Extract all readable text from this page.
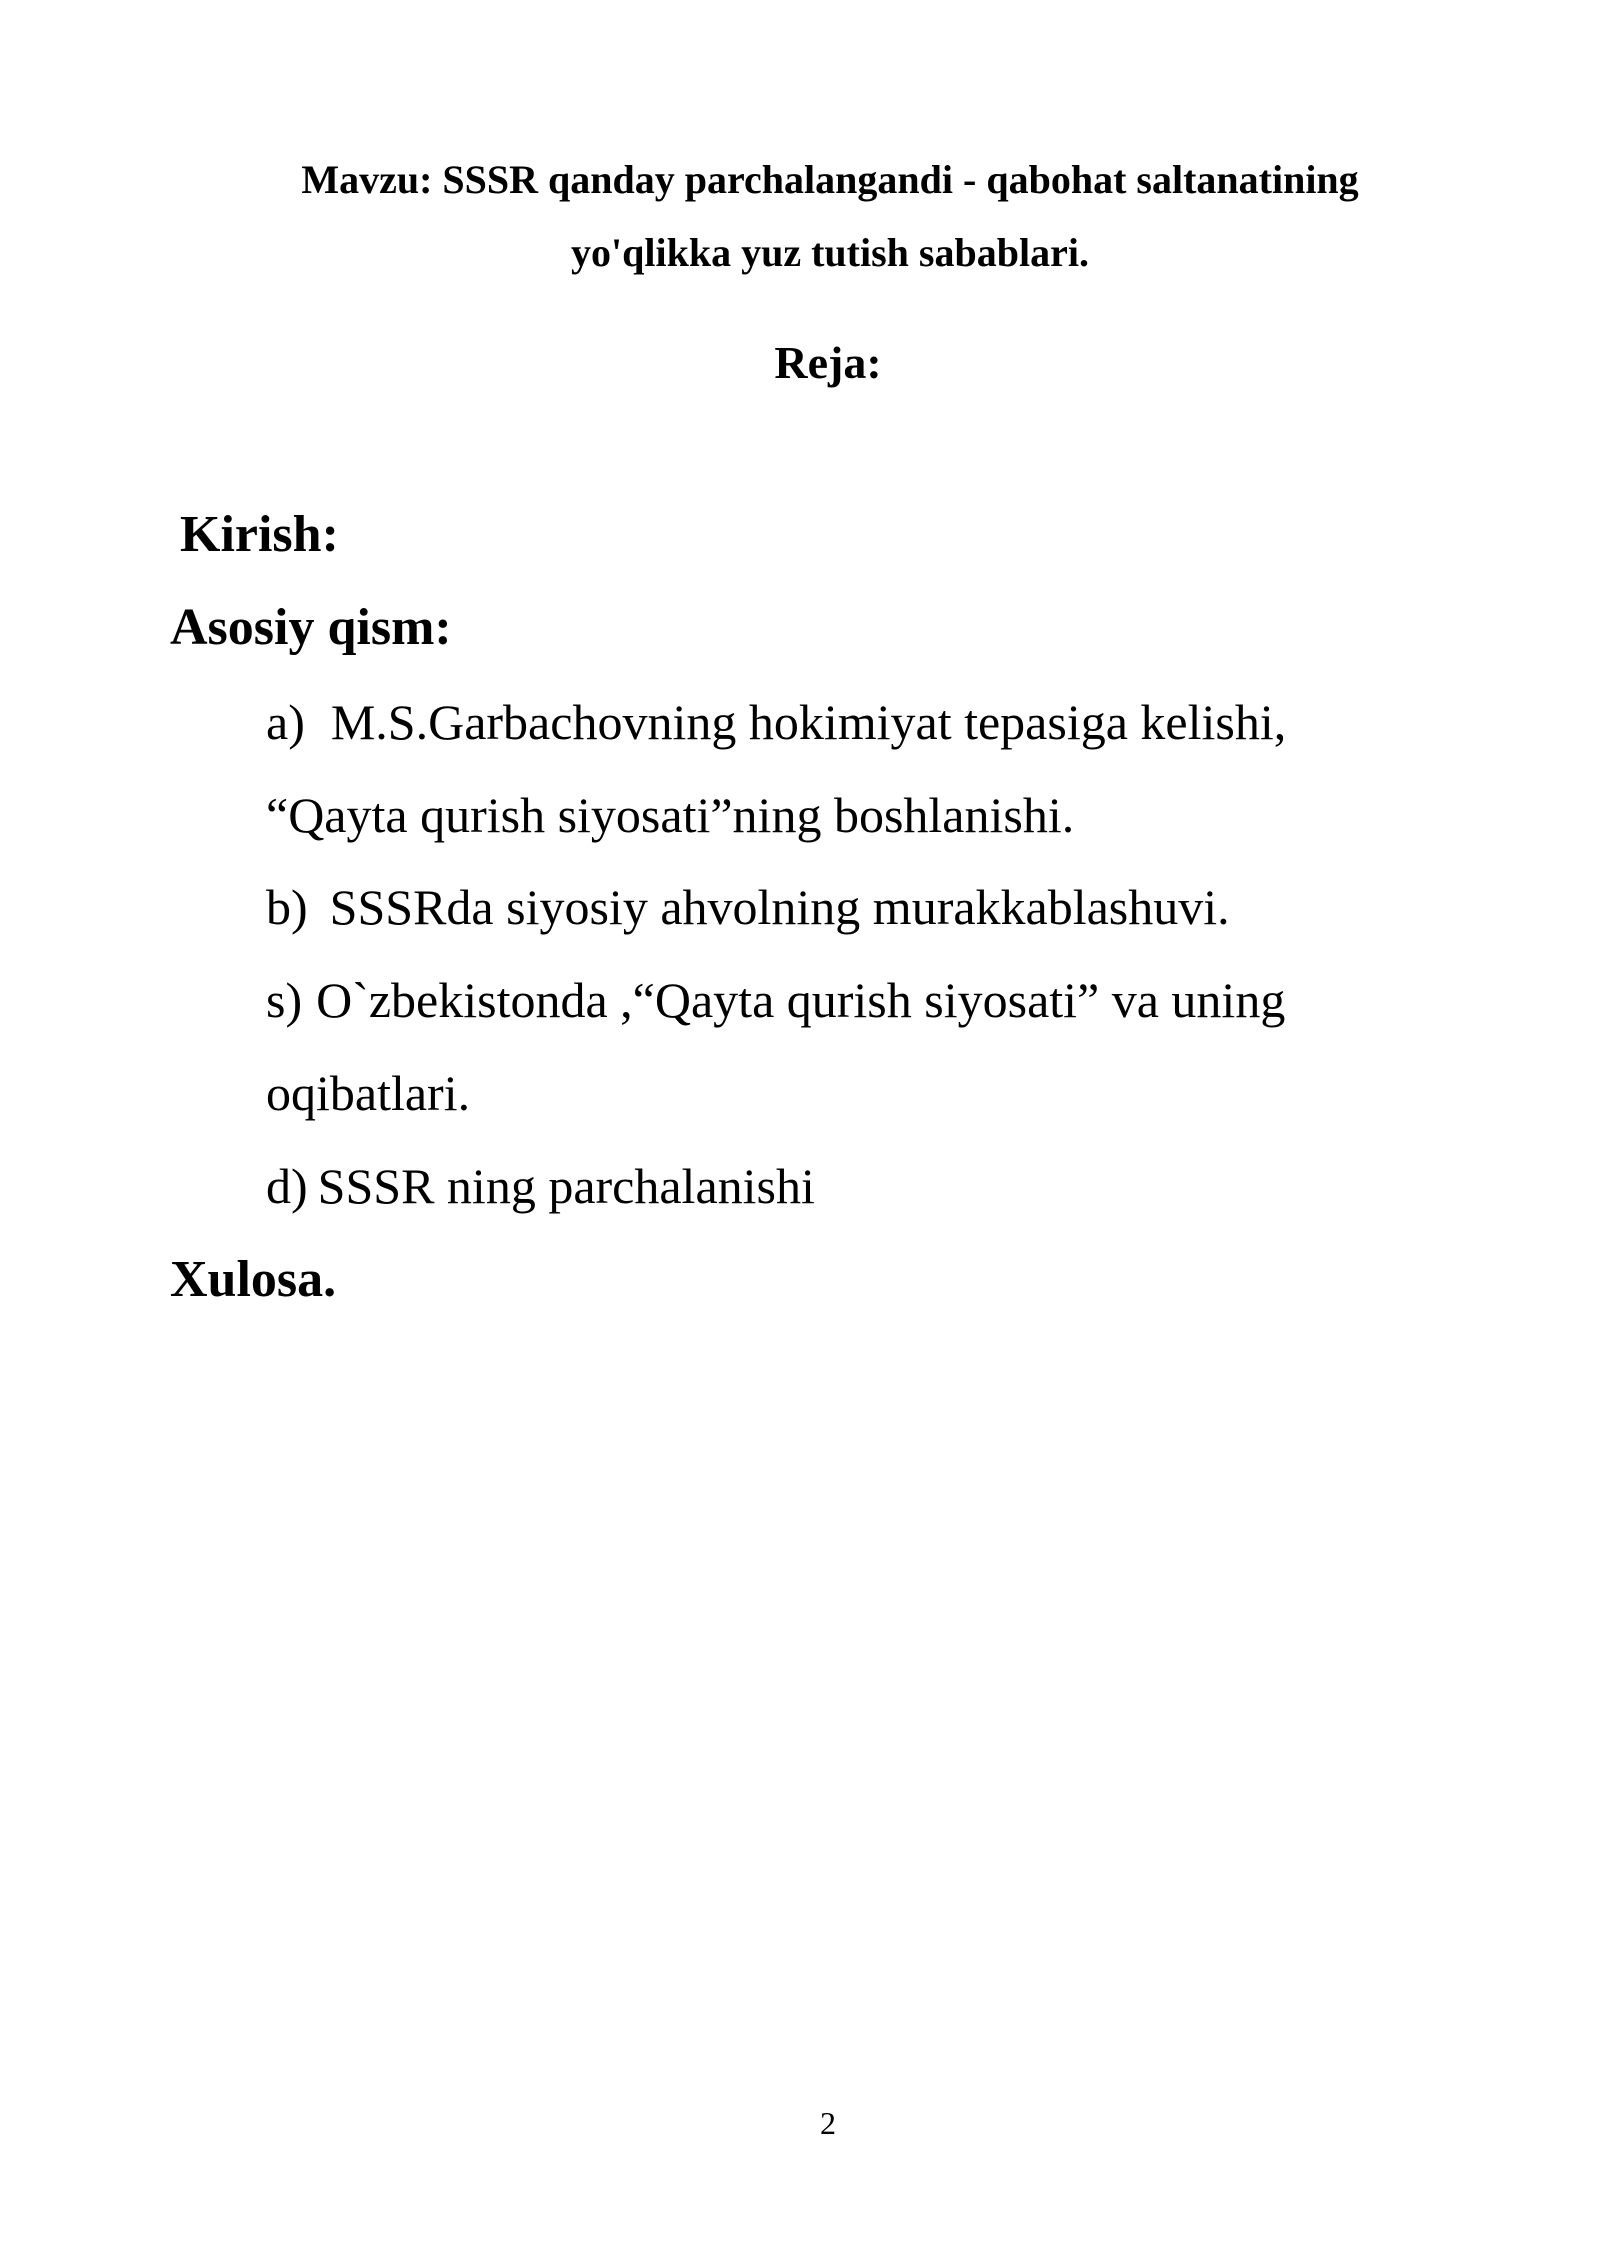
Mavzu: SSSR qanday parchalangandi - qabohat saltanatining
yo'qlikka yuz tutish sabablari.
Reja:
Kirish:
Asosiy qism:
a) M.S.Garbachovning hokimiyat tepasiga kelishi,
“Qayta qurish siyosati”ning boshlanishi.
b) SSSRda siyosiy ahvolning murakkablashuvi.
s) O`zbekistonda ,“Qayta qurish siyosati” va uning
oqibatlari.
d) SSSR ning parchalanishi
Xulosa.
2
